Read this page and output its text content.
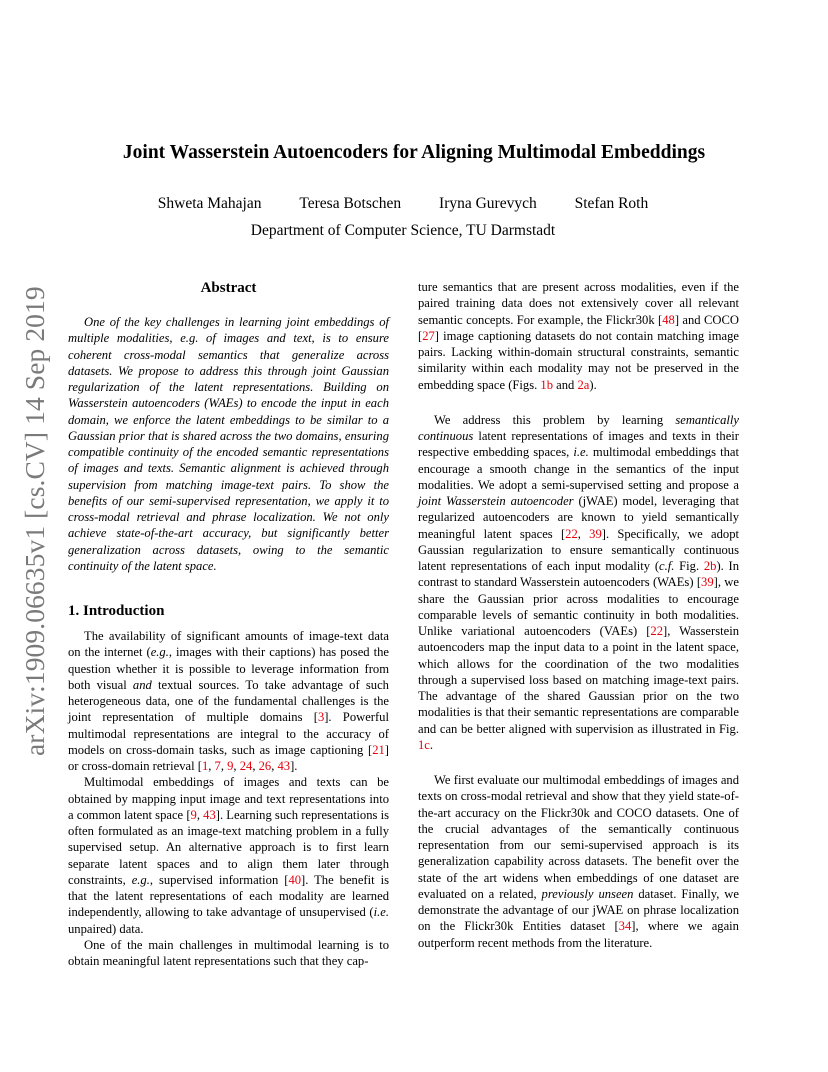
arXiv:1909.06635v1 [cs.CV] 14 Sep 2019
Joint Wasserstein Autoencoders for Aligning Multimodal Embeddings
Shweta Mahajan Teresa Botschen Iryna Gurevych Stefan Roth
Department of Computer Science, TU Darmstadt
Abstract

One of the key challenges in learning joint embeddings of multiple modalities, e.g. of images and text, is to ensure coherent cross-modal semantics that generalize across datasets. We propose to address this through joint Gaussian regularization of the latent representations. Building on Wasserstein autoencoders (WAEs) to encode the input in each domain, we enforce the latent embeddings to be similar to a Gaussian prior that is shared across the two domains, ensuring compatible continuity of the encoded semantic representations of images and texts. Semantic alignment is achieved through supervision from matching image-text pairs. To show the benefits of our semi-supervised representation, we apply it to cross-modal retrieval and phrase localization. We not only achieve state-of-the-art accuracy, but significantly better generalization across datasets, owing to the semantic continuity of the latent space.

1. Introduction

The availability of significant amounts of image-text data on the internet (e.g., images with their captions) has posed the question whether it is possible to leverage information from both visual and textual sources. To take advantage of such heterogeneous data, one of the fundamental challenges is the joint representation of multiple domains [3]. Powerful multimodal representations are integral to the accuracy of models on cross-domain tasks, such as image captioning [21] or cross-domain retrieval [1, 7, 9, 24, 26, 43].

Multimodal embeddings of images and texts can be obtained by mapping input image and text representations into a common latent space [9, 43]. Learning such representations is often formulated as an image-text matching problem in a fully supervised setup. An alternative approach is to first learn separate latent spaces and to align them later through constraints, e.g., supervised information [40]. The benefit is that the latent representations of each modality are learned independently, allowing to take advantage of unsupervised (i.e. unpaired) data.

One of the main challenges in multimodal learning is to obtain meaningful latent representations such that they cap-

ture semantics that are present across modalities, even if the paired training data does not extensively cover all relevant semantic concepts. For example, the Flickr30k [48] and COCO [27] image captioning datasets do not contain matching image pairs. Lacking within-domain structural constraints, semantic similarity within each modality may not be preserved in the embedding space (Figs. 1b and 2a).

We address this problem by learning semantically continuous latent representations of images and texts in their respective embedding spaces, i.e. multimodal embeddings that encourage a smooth change in the semantics of the input modalities. We adopt a semi-supervised setting and propose a joint Wasserstein autoencoder (jWAE) model, leveraging that regularized autoencoders are known to yield semantically meaningful latent spaces [22, 39]. Specifically, we adopt Gaussian regularization to ensure semantically continuous latent representations of each input modality (c.f. Fig. 2b). In contrast to standard Wasserstein autoencoders (WAEs) [39], we share the Gaussian prior across modalities to encourage comparable levels of semantic continuity in both modalities. Unlike variational autoencoders (VAEs) [22], Wasserstein autoencoders map the input data to a point in the latent space, which allows for the coordination of the two modalities through a supervised loss based on matching image-text pairs. The advantage of the shared Gaussian prior on the two modalities is that their semantic representations are comparable and can be better aligned with supervision as illustrated in Fig. 1c.

We first evaluate our multimodal embeddings of images and texts on cross-modal retrieval and show that they yield state-of-the-art accuracy on the Flickr30k and COCO datasets. One of the crucial advantages of the semantically continuous representation from our semi-supervised approach is its generalization capability across datasets. The benefit over the state of the art widens when embeddings of one dataset are evaluated on a related, previously unseen dataset. Finally, we demonstrate the advantage of our jWAE on phrase localization on the Flickr30k Entities dataset [34], where we again outperform recent methods from the literature.
